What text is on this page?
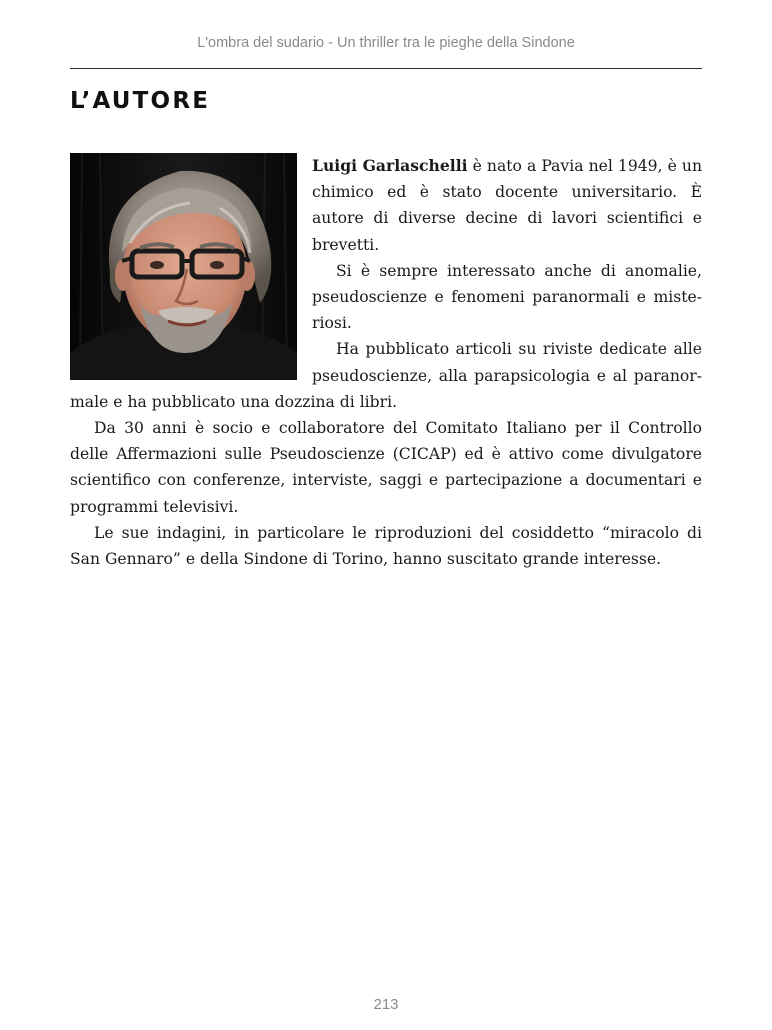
L'ombra del sudario - Un thriller tra le pieghe della Sindone
L’AUTORE

Luigi Garlaschelli è nato a Pavia nel 1949, è un chimico ed è stato docente universitario. È autore di diverse decine di lavori scientifici e brevetti.

Si è sempre interessato anche di anomalie, pseudoscienze e fenomeni paranormali e misteriosi.

Ha pubblicato articoli su riviste dedicate alle pseudoscienze, alla parapsicologia e al paranormale e ha pubblicato una dozzina di libri.

Da 30 anni è socio e collaboratore del Comitato Italiano per il Controllo delle Affermazioni sulle Pseudoscienze (CICAP) ed è attivo come divulgatore scientifico con conferenze, interviste, saggi e partecipazione a documentari e programmi televisivi.

Le sue indagini, in particolare le riproduzioni del cosiddetto “miracolo di San Gennaro” e della Sindone di Torino, hanno suscitato grande interesse.

213
